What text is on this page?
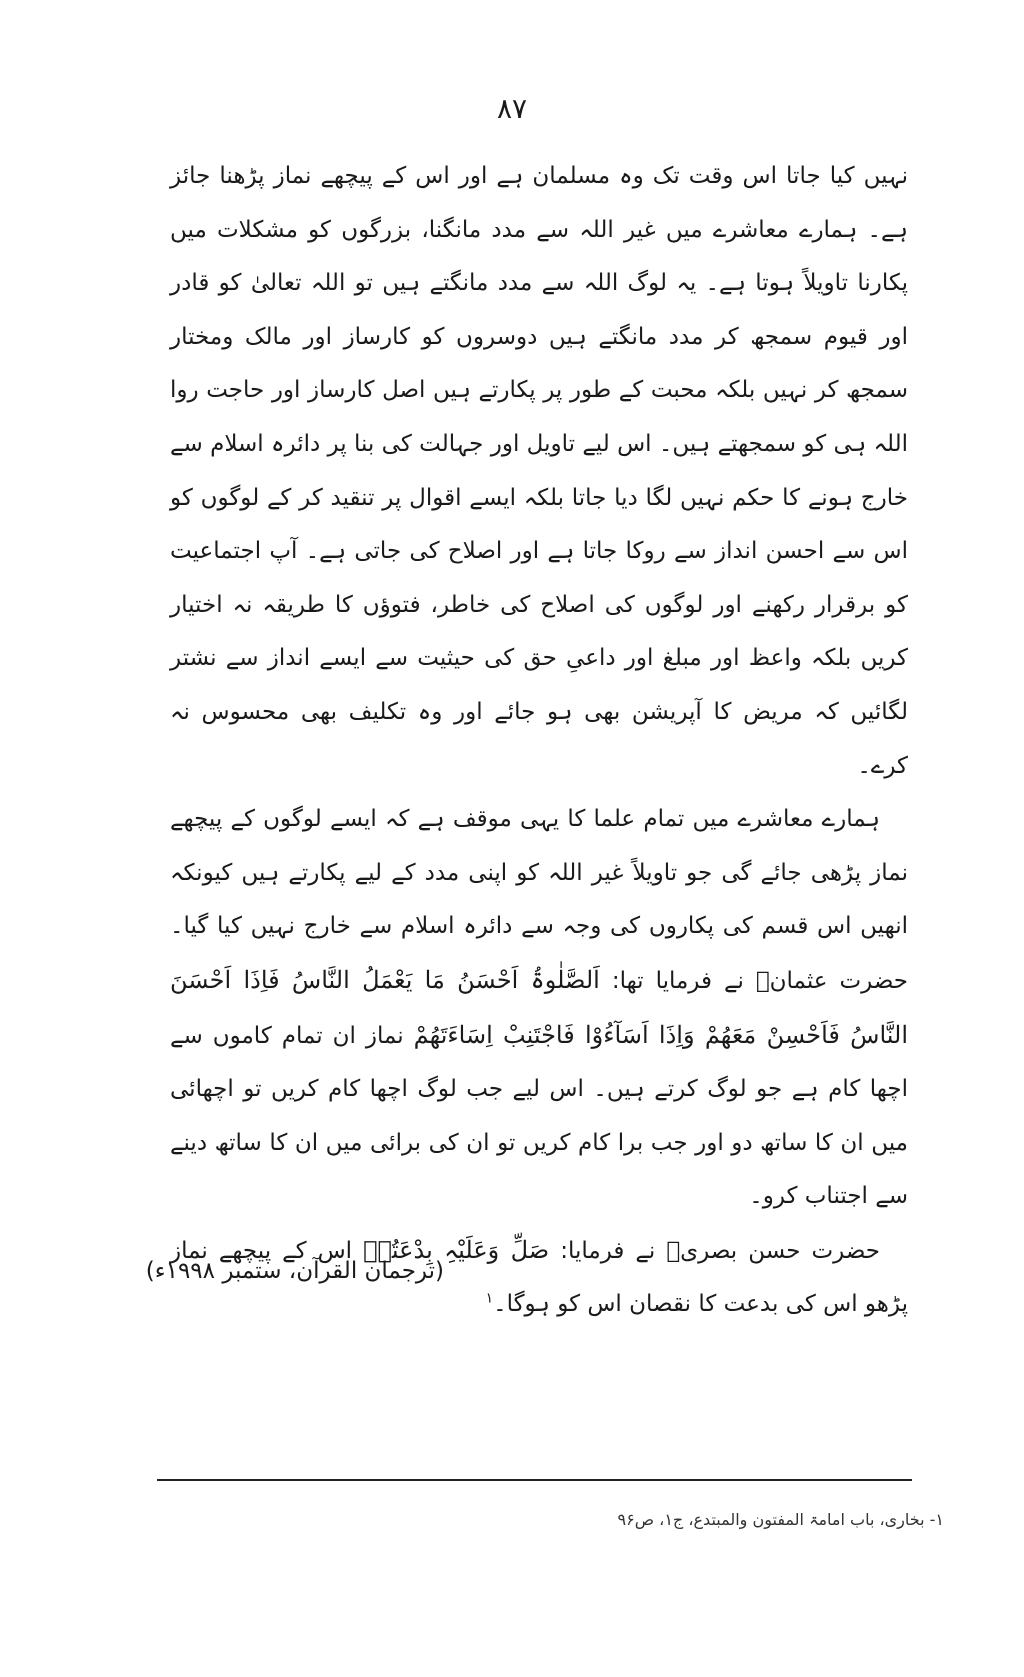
۸۷

نہیں کیا جاتا اس وقت تک وہ مسلمان ہے اور اس کے پیچھے نماز پڑھنا جائز ہے۔ ہمارے معاشرے میں غیر اللہ سے مدد مانگنا، بزرگوں کو مشکلات میں پکارنا تاویلاً ہوتا ہے۔ یہ لوگ اللہ سے مدد مانگتے ہیں تو اللہ تعالیٰ کو قادر اور قیوم سمجھ کر مدد مانگتے ہیں دوسروں کو کارساز اور مالک ومختار سمجھ کر نہیں بلکہ محبت کے طور پر پکارتے ہیں اصل کارساز اور حاجت روا اللہ ہی کو سمجھتے ہیں۔ اس لیے تاویل اور جہالت کی بنا پر دائرہ اسلام سے خارج ہونے کا حکم نہیں لگا دیا جاتا بلکہ ایسے اقوال پر تنقید کر کے لوگوں کو اس سے احسن انداز سے روکا جاتا ہے اور اصلاح کی جاتی ہے۔ آپ اجتماعیت کو برقرار رکھنے اور لوگوں کی اصلاح کی خاطر، فتوؤں کا طریقہ نہ اختیار کریں بلکہ واعظ اور مبلغ اور داعیِ حق کی حیثیت سے ایسے انداز سے نشتر لگائیں کہ مریض کا آپریشن بھی ہو جائے اور وہ تکلیف بھی محسوس نہ کرے۔

ہمارے معاشرے میں تمام علما کا یہی موقف ہے کہ ایسے لوگوں کے پیچھے نماز پڑھی جائے گی جو تاویلاً غیر اللہ کو اپنی مدد کے لیے پکارتے ہیں کیونکہ انھیں اس قسم کی پکاروں کی وجہ سے دائرہ اسلام سے خارج نہیں کیا گیا۔ حضرت عثمانؓ نے فرمایا تھا: اَلصَّلٰوۃُ اَحْسَنُ مَا یَعْمَلُ النَّاسُ فَاِذَا اَحْسَنَ النَّاسُ فَاَحْسِنْ مَعَھُمْ وَاِذَا اَسَآءُوْا فَاجْتَنِبْ اِسَاءَتَھُمْ نماز ان تمام کاموں سے اچھا کام ہے جو لوگ کرتے ہیں۔ اس لیے جب لوگ اچھا کام کریں تو اچھائی میں ان کا ساتھ دو اور جب برا کام کریں تو ان کی برائی میں ان کا ساتھ دینے سے اجتناب کرو۔

حضرت حسن بصریؒ نے فرمایا: صَلِّ وَعَلَیْہِ بِدْعَتُہٗ اس کے پیچھے نماز پڑھو اس کی بدعت کا نقصان اس کو ہوگا۔$^۱$

(ترجمان القرآن، ستمبر ۱۹۹۸ء)
۱- بخاری، باب امامۃ المفتون والمبتدع، ج۱، ص۹۶
